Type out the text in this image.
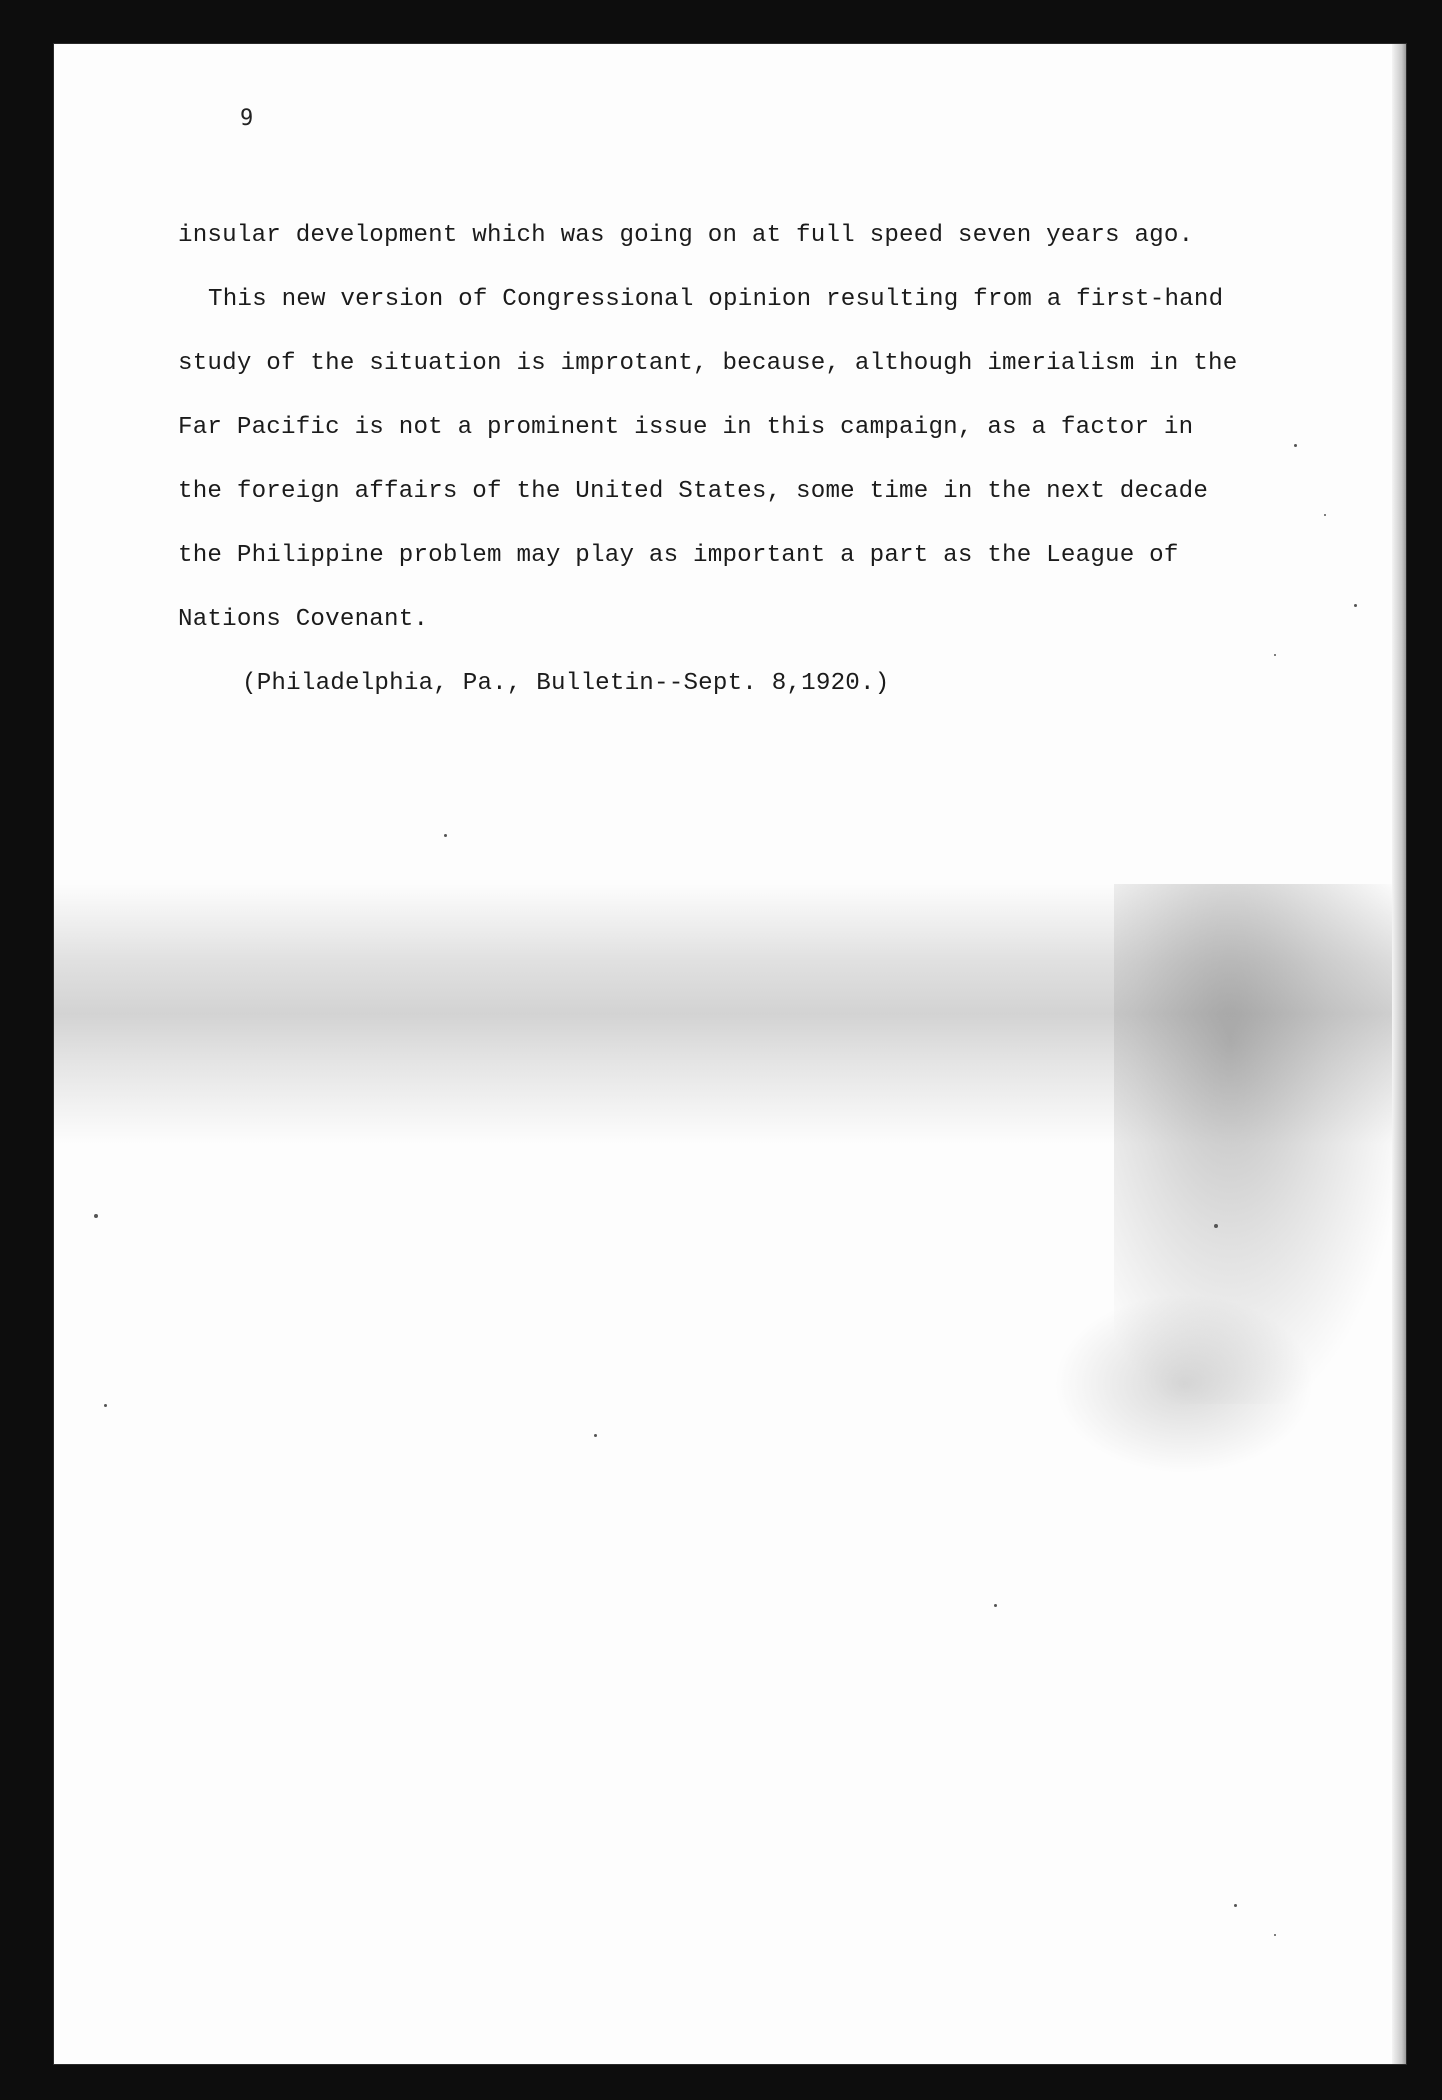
9
insular development which was going on at full speed seven years ago.
This new version of Congressional opinion resulting from a first-hand
study of the situation is improtant, because, although imerialism in the
Far Pacific is not a prominent issue in this campaign, as a factor in
the foreign affairs of the United States, some time in the next decade
the Philippine problem may play as important a part as the League of
Nations Covenant.
(Philadelphia, Pa., Bulletin--Sept. 8,1920.)
